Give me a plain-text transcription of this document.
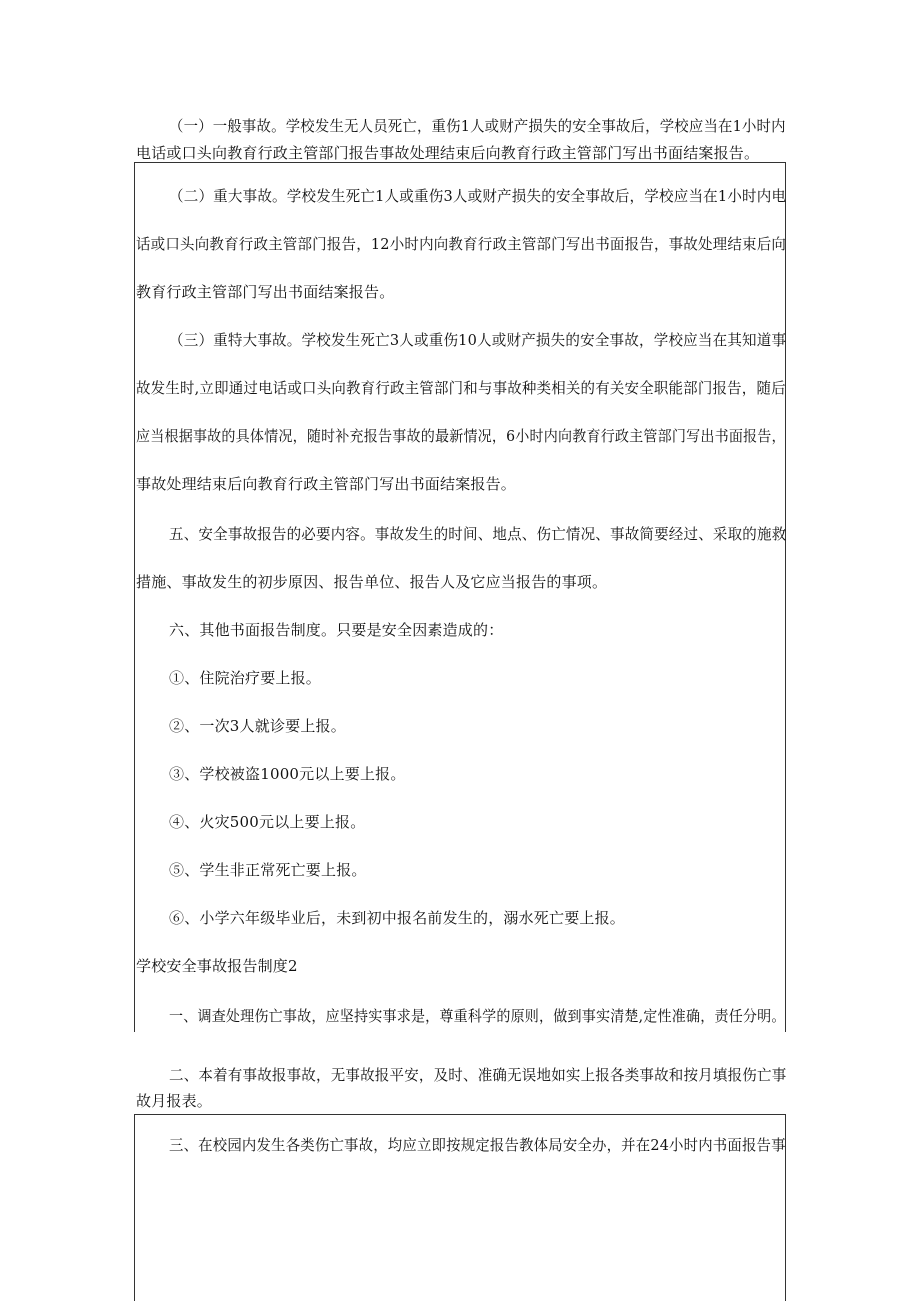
（一）一般事故。学校发生无人员死亡，重伤1人或财产损失的安全事故后，学校应当在1小时内
电话或口头向教育行政主管部门报告事故处理结束后向教育行政主管部门写出书面结案报告。
（二）重大事故。学校发生死亡1人或重伤3人或财产损失的安全事故后，学校应当在1小时内电
话或口头向教育行政主管部门报告，12小时内向教育行政主管部门写出书面报告，事故处理结束后向
教育行政主管部门写出书面结案报告。
（三）重特大事故。学校发生死亡3人或重伤10人或财产损失的安全事故，学校应当在其知道事
故发生时,立即通过电话或口头向教育行政主管部门和与事故种类相关的有关安全职能部门报告，随后
应当根据事故的具体情况，随时补充报告事故的最新情况，6小时内向教育行政主管部门写出书面报告，
事故处理结束后向教育行政主管部门写出书面结案报告。
五、安全事故报告的必要内容。事故发生的时间、地点、伤亡情况、事故简要经过、采取的施救
措施、事故发生的初步原因、报告单位、报告人及它应当报告的事项。
六、其他书面报告制度。只要是安全因素造成的：
①、住院治疗要上报。
②、一次3人就诊要上报。
③、学校被盗1000元以上要上报。
④、火灾500元以上要上报。
⑤、学生非正常死亡要上报。
⑥、小学六年级毕业后，未到初中报名前发生的，溺水死亡要上报。
学校安全事故报告制度2
一、调查处理伤亡事故，应坚持实事求是，尊重科学的原则，做到事实清楚,定性准确，责任分明。
二、本着有事故报事故，无事故报平安，及时、准确无误地如实上报各类事故和按月填报伤亡事
故月报表。
三、在校园内发生各类伤亡事故，均应立即按规定报告教体局安全办，并在24小时内书面报告事
